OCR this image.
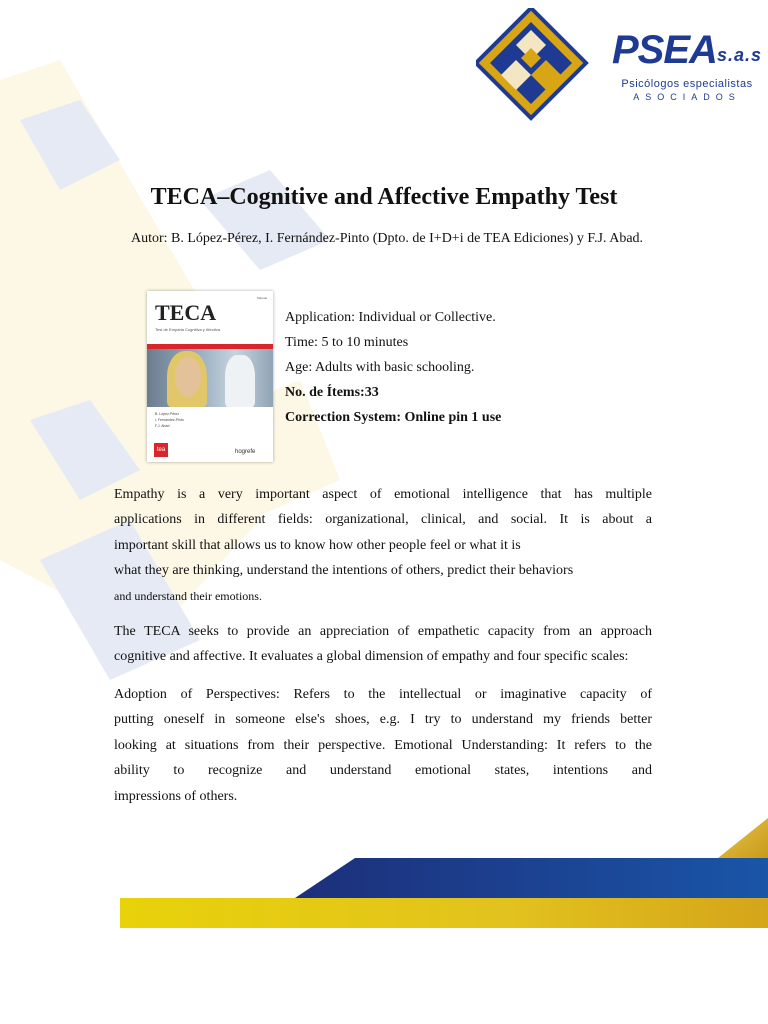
PSEAs.a.s
Psicólogos especialistas
ASOCIADOS
TECA–Cognitive and Affective Empathy Test

Autor: B. López-Pérez, I. Fernández-Pinto (Dpto. de I+D+i de TEA Ediciones) y F.J. Abad.

Manual
TECA
Test de Empatía Cognitiva y Afectiva
B. López-Pérez
I. Fernández-Pinto
F.J. Abad
tea	hogrefe
Application: Individual or Collective.
Time: 5 to 10 minutes
Age: Adults with basic schooling.
No. de Ítems:33
Correction System: Online pin 1 use
Empathy is a very important aspect of emotional intelligence that has multiple
applications in different fields: organizational, clinical, and social. It is about a
important skill that allows us to know how other people feel or what it is
what they are thinking, understand the intentions of others, predict their behaviors
and understand their emotions.
The TECA seeks to provide an appreciation of empathetic capacity from an approach
cognitive and affective. It evaluates a global dimension of empathy and four specific scales:
Adoption of Perspectives: Refers to the intellectual or imaginative capacity of
putting oneself in someone else's shoes, e.g. I try to understand my friends better
looking at situations from their perspective. Emotional Understanding: It refers to the
ability to recognize and understand emotional states, intentions and
impressions of others.
